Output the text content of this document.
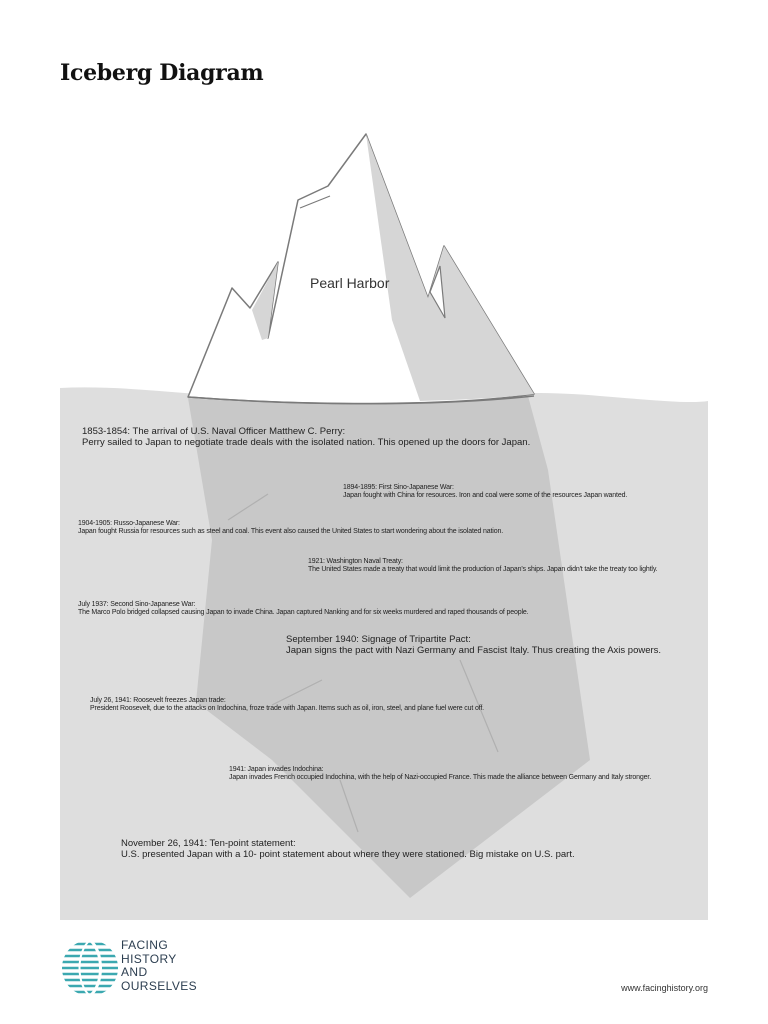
Iceberg Diagram
Pearl Harbor
1853-1854: The arrival of U.S. Naval Officer Matthew C. Perry:
Perry sailed to Japan to negotiate trade deals with the isolated nation. This opened up the doors for Japan.
1894-1895: First Sino-Japanese War:
Japan fought with China for resources. Iron and coal were some of the resources Japan wanted.
1904-1905: Russo-Japanese War:
Japan fought Russia for resources such as steel and coal. This event also caused the United States to start wondering about the isolated nation.
1921: Washington Naval Treaty:
The United States made a treaty that would limit the production of Japan's ships. Japan didn't take the treaty too lightly.
July 1937: Second Sino-Japanese War:
The Marco Polo bridged collapsed causing Japan to invade China. Japan captured Nanking and for six weeks murdered and raped thousands of people.
September 1940: Signage of Tripartite Pact:
Japan signs the pact with Nazi Germany and Fascist Italy. Thus creating the Axis powers.
July 26, 1941: Roosevelt freezes Japan trade:
President Roosevelt, due to the attacks on Indochina, froze trade with Japan. Items such as oil, iron, steel, and plane fuel were cut off.
1941: Japan invades Indochina:
Japan invades French occupied Indochina, with the help of Nazi-occupied France. This made the alliance between Germany and Italy stronger.
November 26, 1941: Ten-point statement:
U.S. presented Japan with a 10- point statement about where they were stationed. Big mistake on U.S. part.
FACING
HISTORY
AND
OURSELVES	www.facinghistory.org
